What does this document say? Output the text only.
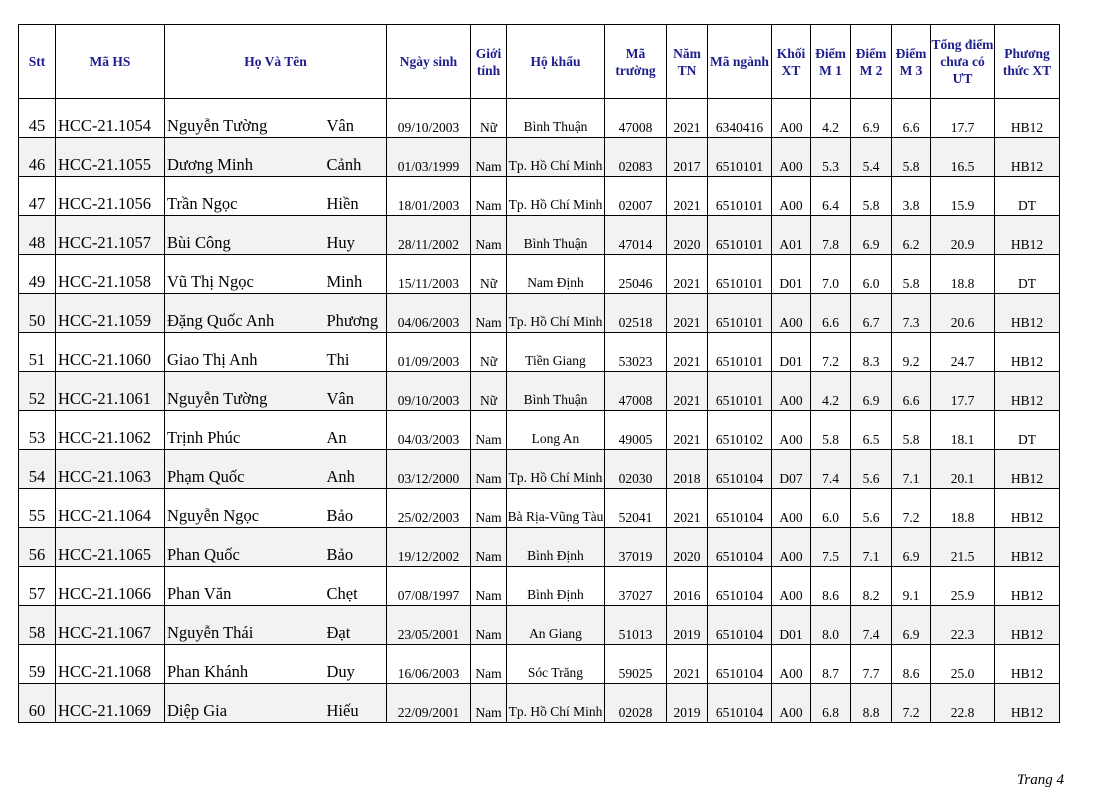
Stt	Mã HS	Họ Và Tên		Ngày sinh	Giới tính	Hộ khẩu	Mã trường	Năm TN	Mã ngành	Khối XT	Điểm M 1	Điểm M 2	Điểm M 3	Tổng điểm chưa có ƯT	Phương thức XT
45	HCC-21.1054	Nguyễn Tường	Vân	09/10/2003	Nữ	Bình Thuận	47008	2021	6340416	A00	4.2	6.9	6.6	17.7	HB12
46	HCC-21.1055	Dương Minh	Cảnh	01/03/1999	Nam	Tp. Hồ Chí Minh	02083	2017	6510101	A00	5.3	5.4	5.8	16.5	HB12
47	HCC-21.1056	Trần Ngọc	Hiền	18/01/2003	Nam	Tp. Hồ Chí Minh	02007	2021	6510101	A00	6.4	5.8	3.8	15.9	DT
48	HCC-21.1057	Bùi Công	Huy	28/11/2002	Nam	Bình Thuận	47014	2020	6510101	A01	7.8	6.9	6.2	20.9	HB12
49	HCC-21.1058	Vũ Thị Ngọc	Minh	15/11/2003	Nữ	Nam Định	25046	2021	6510101	D01	7.0	6.0	5.8	18.8	DT
50	HCC-21.1059	Đặng Quốc Anh	Phương	04/06/2003	Nam	Tp. Hồ Chí Minh	02518	2021	6510101	A00	6.6	6.7	7.3	20.6	HB12
51	HCC-21.1060	Giao Thị Anh	Thi	01/09/2003	Nữ	Tiền Giang	53023	2021	6510101	D01	7.2	8.3	9.2	24.7	HB12
52	HCC-21.1061	Nguyễn Tường	Vân	09/10/2003	Nữ	Bình Thuận	47008	2021	6510101	A00	4.2	6.9	6.6	17.7	HB12
53	HCC-21.1062	Trịnh Phúc	An	04/03/2003	Nam	Long An	49005	2021	6510102	A00	5.8	6.5	5.8	18.1	DT
54	HCC-21.1063	Phạm Quốc	Anh	03/12/2000	Nam	Tp. Hồ Chí Minh	02030	2018	6510104	D07	7.4	5.6	7.1	20.1	HB12
55	HCC-21.1064	Nguyễn Ngọc	Bảo	25/02/2003	Nam	Bà Rịa-Vũng Tàu	52041	2021	6510104	A00	6.0	5.6	7.2	18.8	HB12
56	HCC-21.1065	Phan Quốc	Bảo	19/12/2002	Nam	Bình Định	37019	2020	6510104	A00	7.5	7.1	6.9	21.5	HB12
57	HCC-21.1066	Phan Văn	Chẹt	07/08/1997	Nam	Bình Định	37027	2016	6510104	A00	8.6	8.2	9.1	25.9	HB12
58	HCC-21.1067	Nguyễn Thái	Đạt	23/05/2001	Nam	An Giang	51013	2019	6510104	D01	8.0	7.4	6.9	22.3	HB12
59	HCC-21.1068	Phan Khánh	Duy	16/06/2003	Nam	Sóc Trăng	59025	2021	6510104	A00	8.7	7.7	8.6	25.0	HB12
60	HCC-21.1069	Diệp Gia	Hiếu	22/09/2001	Nam	Tp. Hồ Chí Minh	02028	2019	6510104	A00	6.8	8.8	7.2	22.8	HB12
Trang 4
